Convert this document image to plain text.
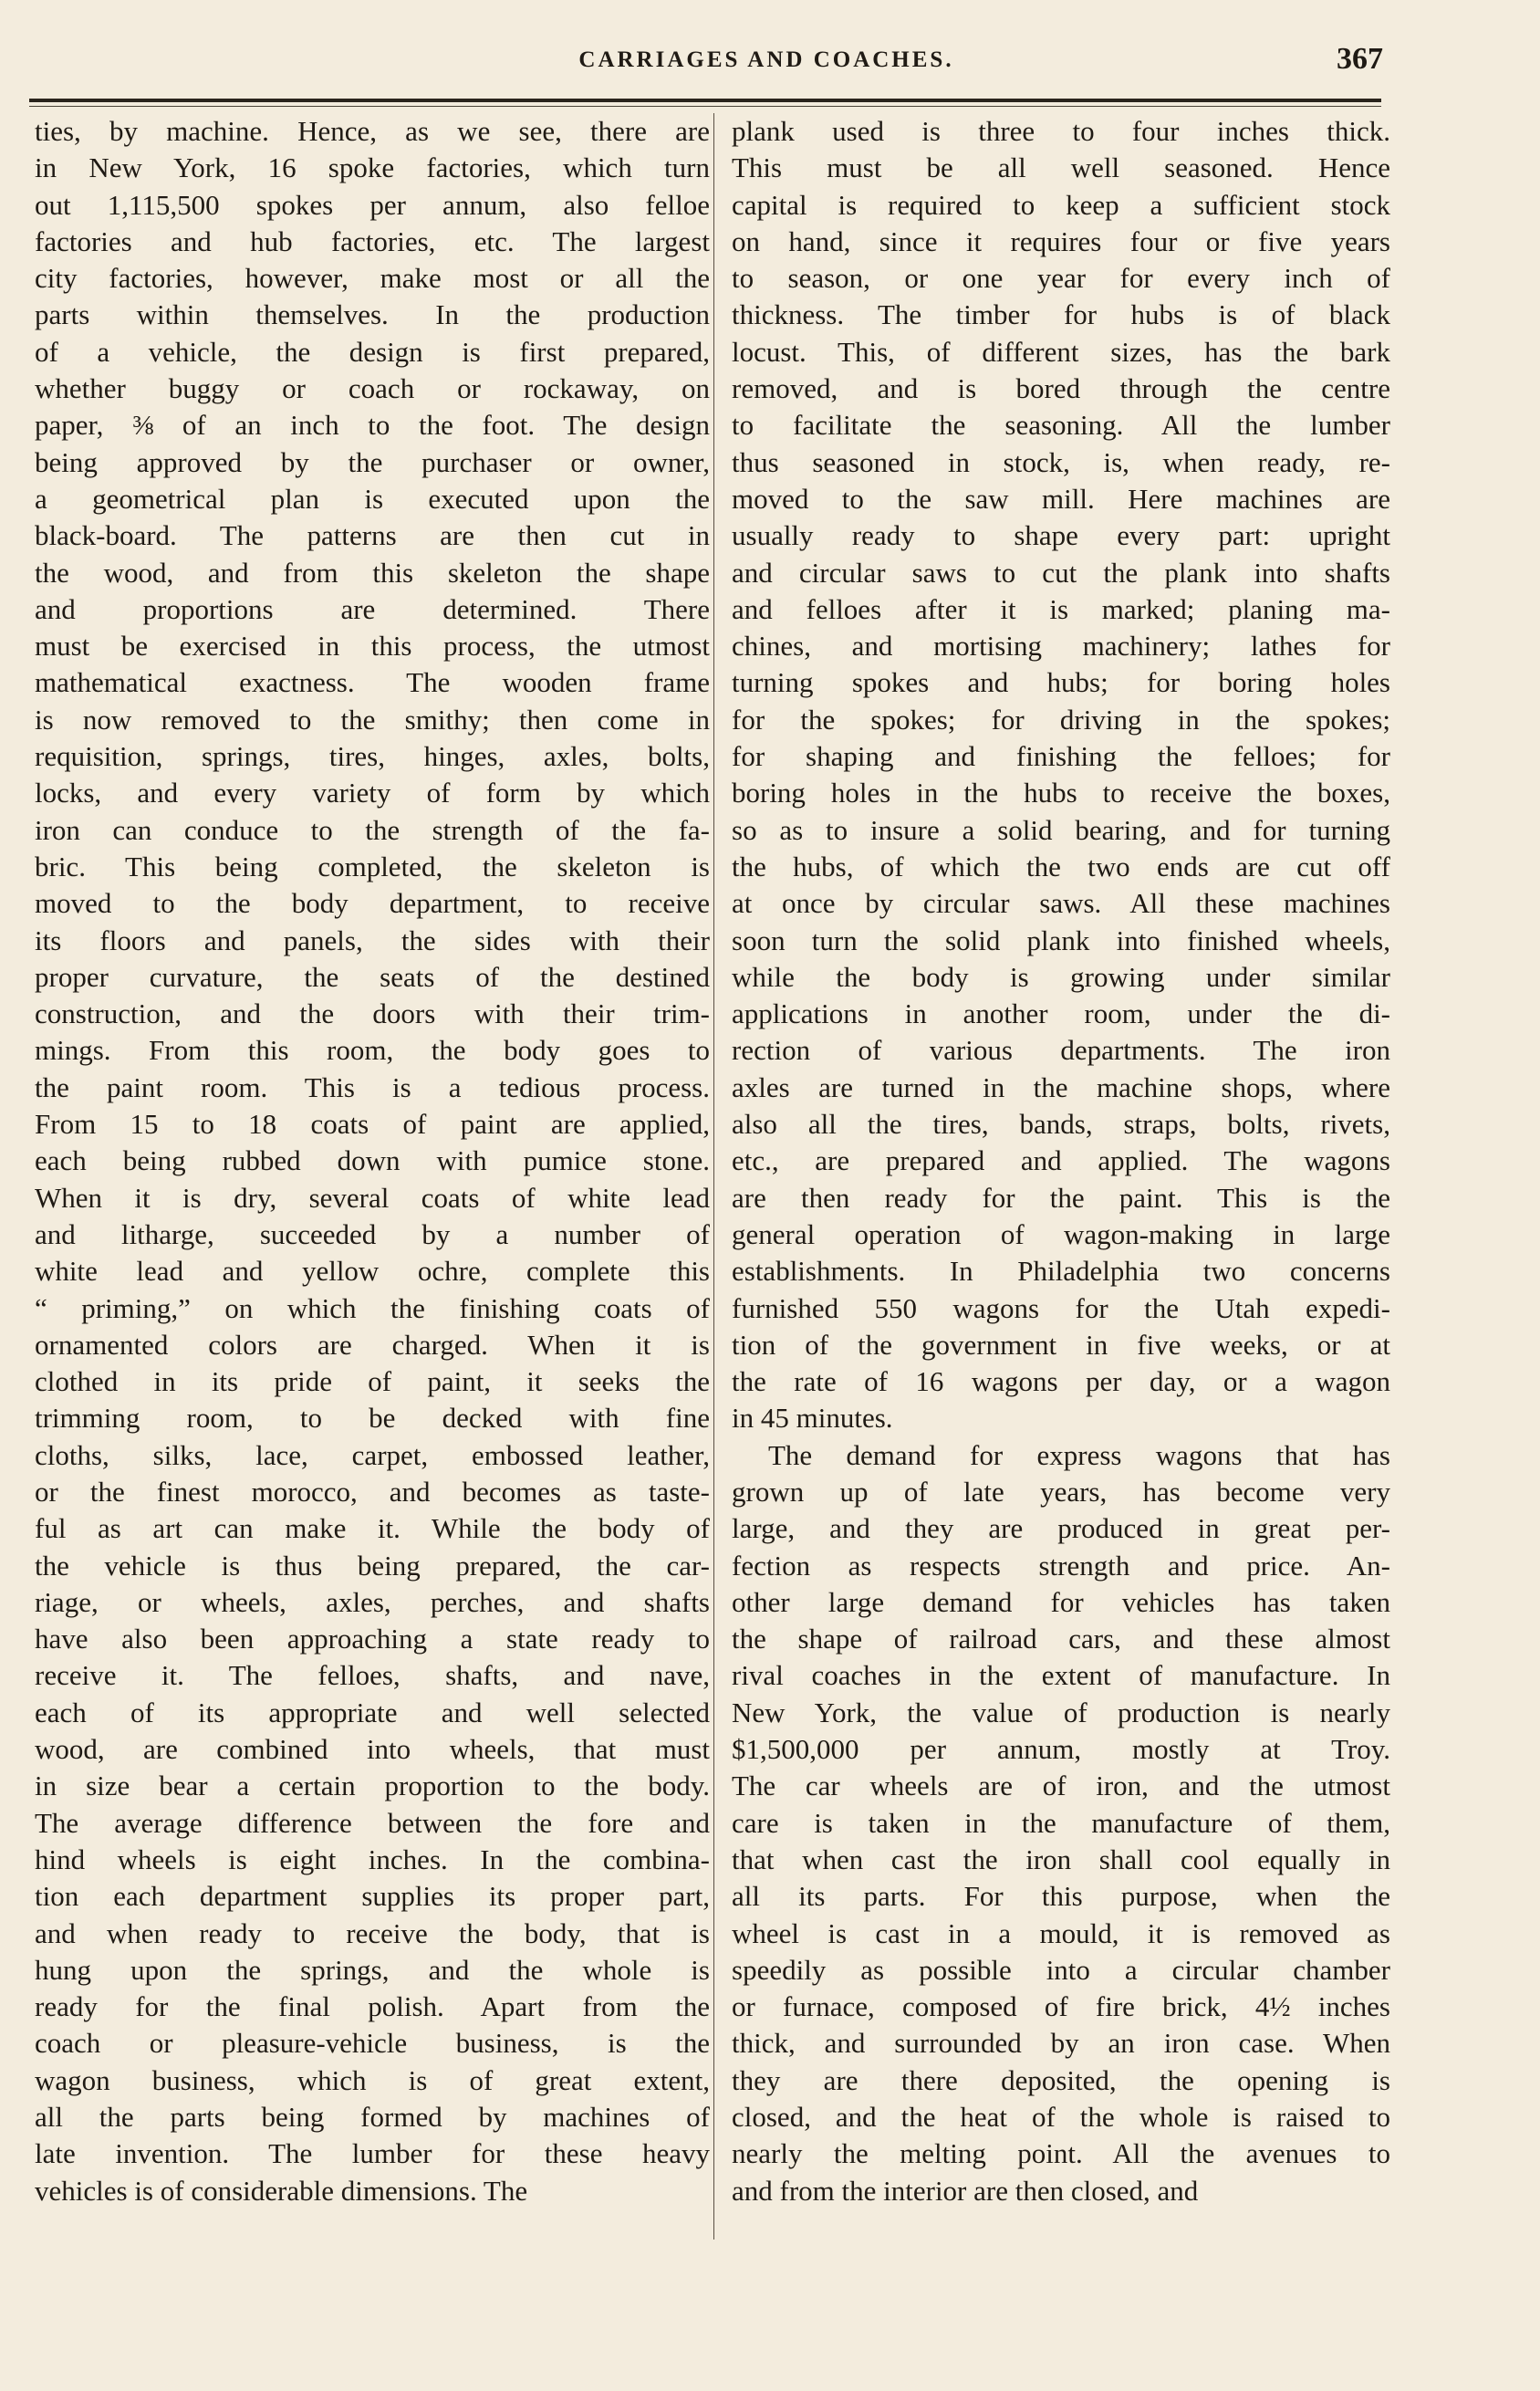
CARRIAGES AND COACHES.	367
ties, by machine. Hence, as we see, there are
in New York, 16 spoke factories, which turn
out 1,115,500 spokes per annum, also felloe
factories and hub factories, etc. The largest
city factories, however, make most or all the
parts within themselves. In the production
of a vehicle, the design is first prepared,
whether buggy or coach or rockaway, on
paper, ⅜ of an inch to the foot. The design
being approved by the purchaser or owner,
a geometrical plan is executed upon the
black-board. The patterns are then cut in
the wood, and from this skeleton the shape
and proportions are determined. There
must be exercised in this process, the utmost
mathematical exactness. The wooden frame
is now removed to the smithy; then come in
requisition, springs, tires, hinges, axles, bolts,
locks, and every variety of form by which
iron can conduce to the strength of the fa-
bric. This being completed, the skeleton is
moved to the body department, to receive
its floors and panels, the sides with their
proper curvature, the seats of the destined
construction, and the doors with their trim-
mings. From this room, the body goes to
the paint room. This is a tedious process.
From 15 to 18 coats of paint are applied,
each being rubbed down with pumice stone.
When it is dry, several coats of white lead
and litharge, succeeded by a number of
white lead and yellow ochre, complete this
“ priming,” on which the finishing coats of
ornamented colors are charged. When it is
clothed in its pride of paint, it seeks the
trimming room, to be decked with fine
cloths, silks, lace, carpet, embossed leather,
or the finest morocco, and becomes as taste-
ful as art can make it. While the body of
the vehicle is thus being prepared, the car-
riage, or wheels, axles, perches, and shafts
have also been approaching a state ready to
receive it. The felloes, shafts, and nave,
each of its appropriate and well selected
wood, are combined into wheels, that must
in size bear a certain proportion to the body.
The average difference between the fore and
hind wheels is eight inches. In the combina-
tion each department supplies its proper part,
and when ready to receive the body, that is
hung upon the springs, and the whole is
ready for the final polish. Apart from the
coach or pleasure-vehicle business, is the
wagon business, which is of great extent,
all the parts being formed by machines of
late invention. The lumber for these heavy
vehicles is of considerable dimensions. The
plank used is three to four inches thick.
This must be all well seasoned. Hence
capital is required to keep a sufficient stock
on hand, since it requires four or five years
to season, or one year for every inch of
thickness. The timber for hubs is of black
locust. This, of different sizes, has the bark
removed, and is bored through the centre
to facilitate the seasoning. All the lumber
thus seasoned in stock, is, when ready, re-
moved to the saw mill. Here machines are
usually ready to shape every part: upright
and circular saws to cut the plank into shafts
and felloes after it is marked; planing ma-
chines, and mortising machinery; lathes for
turning spokes and hubs; for boring holes
for the spokes; for driving in the spokes;
for shaping and finishing the felloes; for
boring holes in the hubs to receive the boxes,
so as to insure a solid bearing, and for turning
the hubs, of which the two ends are cut off
at once by circular saws. All these machines
soon turn the solid plank into finished wheels,
while the body is growing under similar
applications in another room, under the di-
rection of various departments. The iron
axles are turned in the machine shops, where
also all the tires, bands, straps, bolts, rivets,
etc., are prepared and applied. The wagons
are then ready for the paint. This is the
general operation of wagon-making in large
establishments. In Philadelphia two concerns
furnished 550 wagons for the Utah expedi-
tion of the government in five weeks, or at
the rate of 16 wagons per day, or a wagon
in 45 minutes.
The demand for express wagons that has
grown up of late years, has become very
large, and they are produced in great per-
fection as respects strength and price. An-
other large demand for vehicles has taken
the shape of railroad cars, and these almost
rival coaches in the extent of manufacture. In
New York, the value of production is nearly
$1,500,000 per annum, mostly at Troy.
The car wheels are of iron, and the utmost
care is taken in the manufacture of them,
that when cast the iron shall cool equally in
all its parts. For this purpose, when the
wheel is cast in a mould, it is removed as
speedily as possible into a circular chamber
or furnace, composed of fire brick, 4½ inches
thick, and surrounded by an iron case. When
they are there deposited, the opening is
closed, and the heat of the whole is raised to
nearly the melting point. All the avenues to
and from the interior are then closed, and
